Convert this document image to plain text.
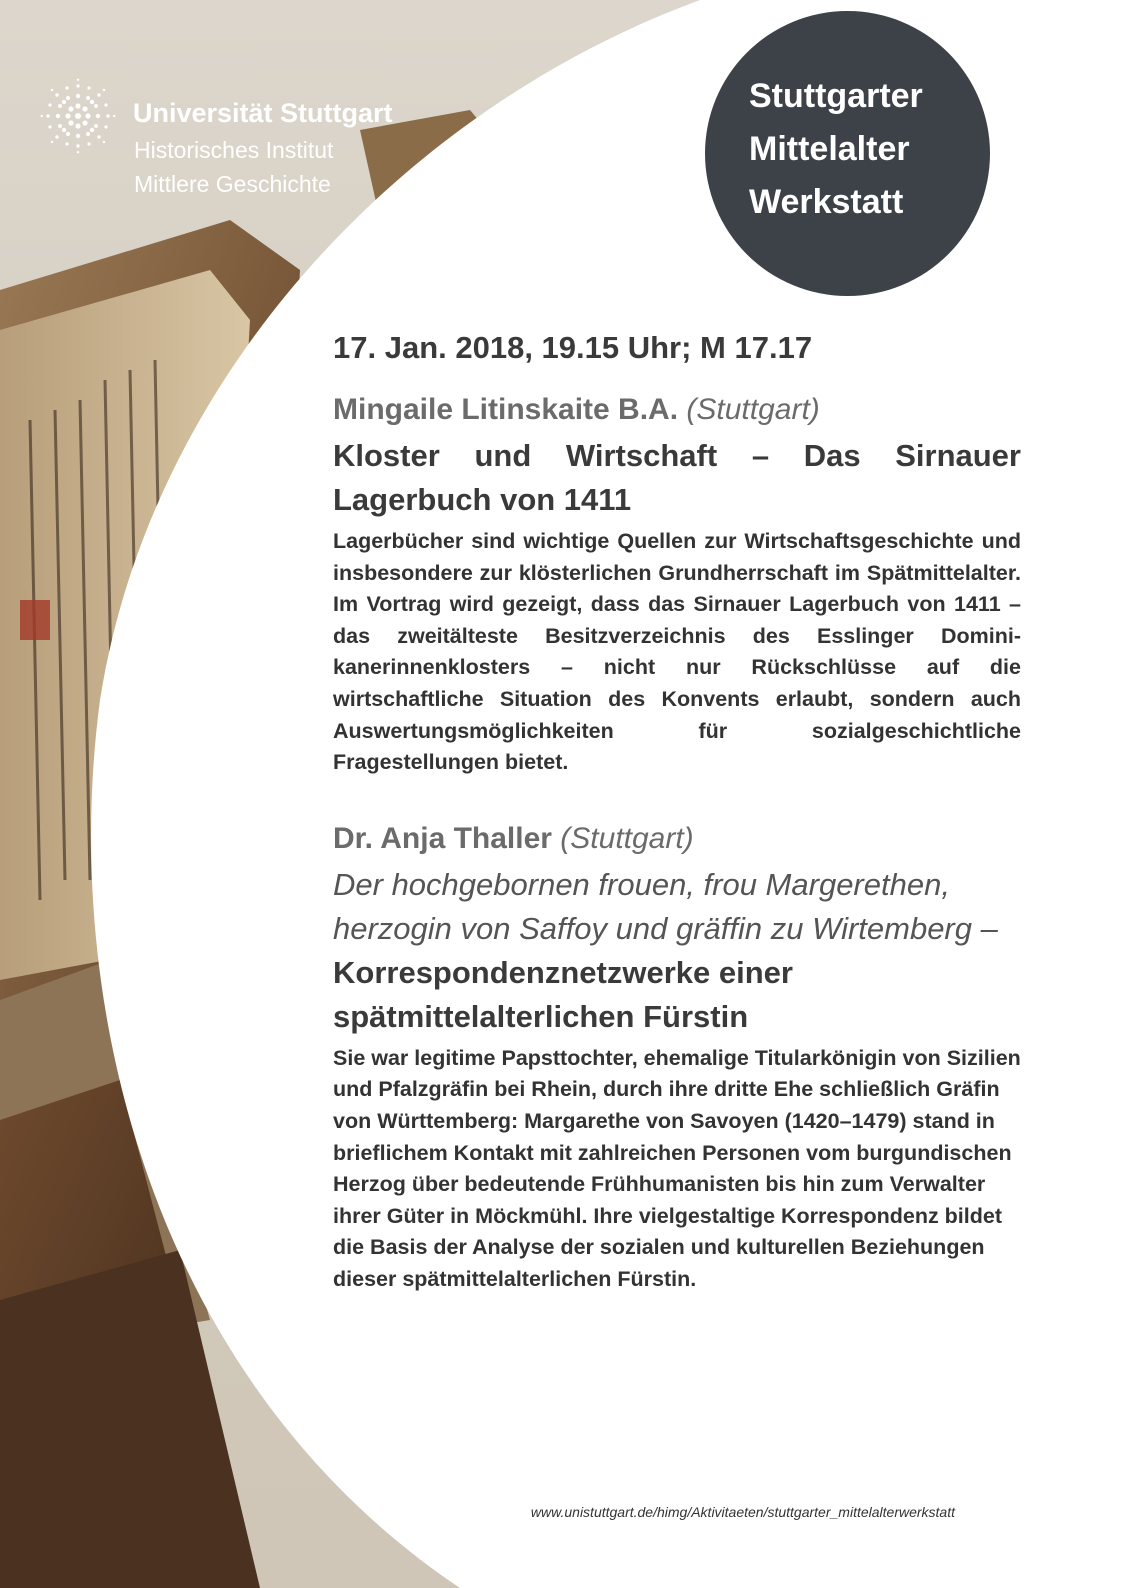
Universität Stuttgart
Historisches Institut
Mittlere Geschichte
Stuttgarter
Mittelalter
Werkstatt
17. Jan. 2018, 19.15 Uhr; M 17.17
Mingaile Litinskaite B.A. (Stuttgart)
Kloster und Wirtschaft – Das Sirnauer Lagerbuch von 1411

Lagerbücher sind wichtige Quellen zur Wirtschaftsgeschichte und insbesondere zur klösterlichen Grundherrschaft im Spätmittelalter. Im Vortrag wird gezeigt, dass das Sirnauer Lagerbuch von 1411 – das zweitälteste Besitzverzeichnis des Esslinger Dominikanerinnenklosters – nicht nur Rückschlüsse auf die wirtschaftliche Situation des Konvents erlaubt, sondern auch Auswertungsmöglichkeiten für sozialgeschichtliche Fragestellungen bietet.

Dr. Anja Thaller (Stuttgart)
Der hochgebornen frouen, frou Margerethen, herzogin von Saffoy und gräffin zu Wirtemberg – Korrespondenznetzwerke einer spätmittelalterlichen Fürstin

Sie war legitime Papsttochter, ehemalige Titularkönigin von Sizilien und Pfalzgräfin bei Rhein, durch ihre dritte Ehe schließlich Gräfin von Württemberg: Margarethe von Savoyen (1420–1479) stand in brieflichem Kontakt mit zahlreichen Personen vom burgundischen Herzog über bedeutende Frühhumanisten bis hin zum Verwalter ihrer Güter in Möckmühl. Ihre vielgestaltige Korrespondenz bildet die Basis der Analyse der sozialen und kulturellen Beziehungen dieser spätmittelalterlichen Fürstin.

www.unistuttgart.de/himg/Aktivitaeten/stuttgarter_mittelalterwerkstatt
